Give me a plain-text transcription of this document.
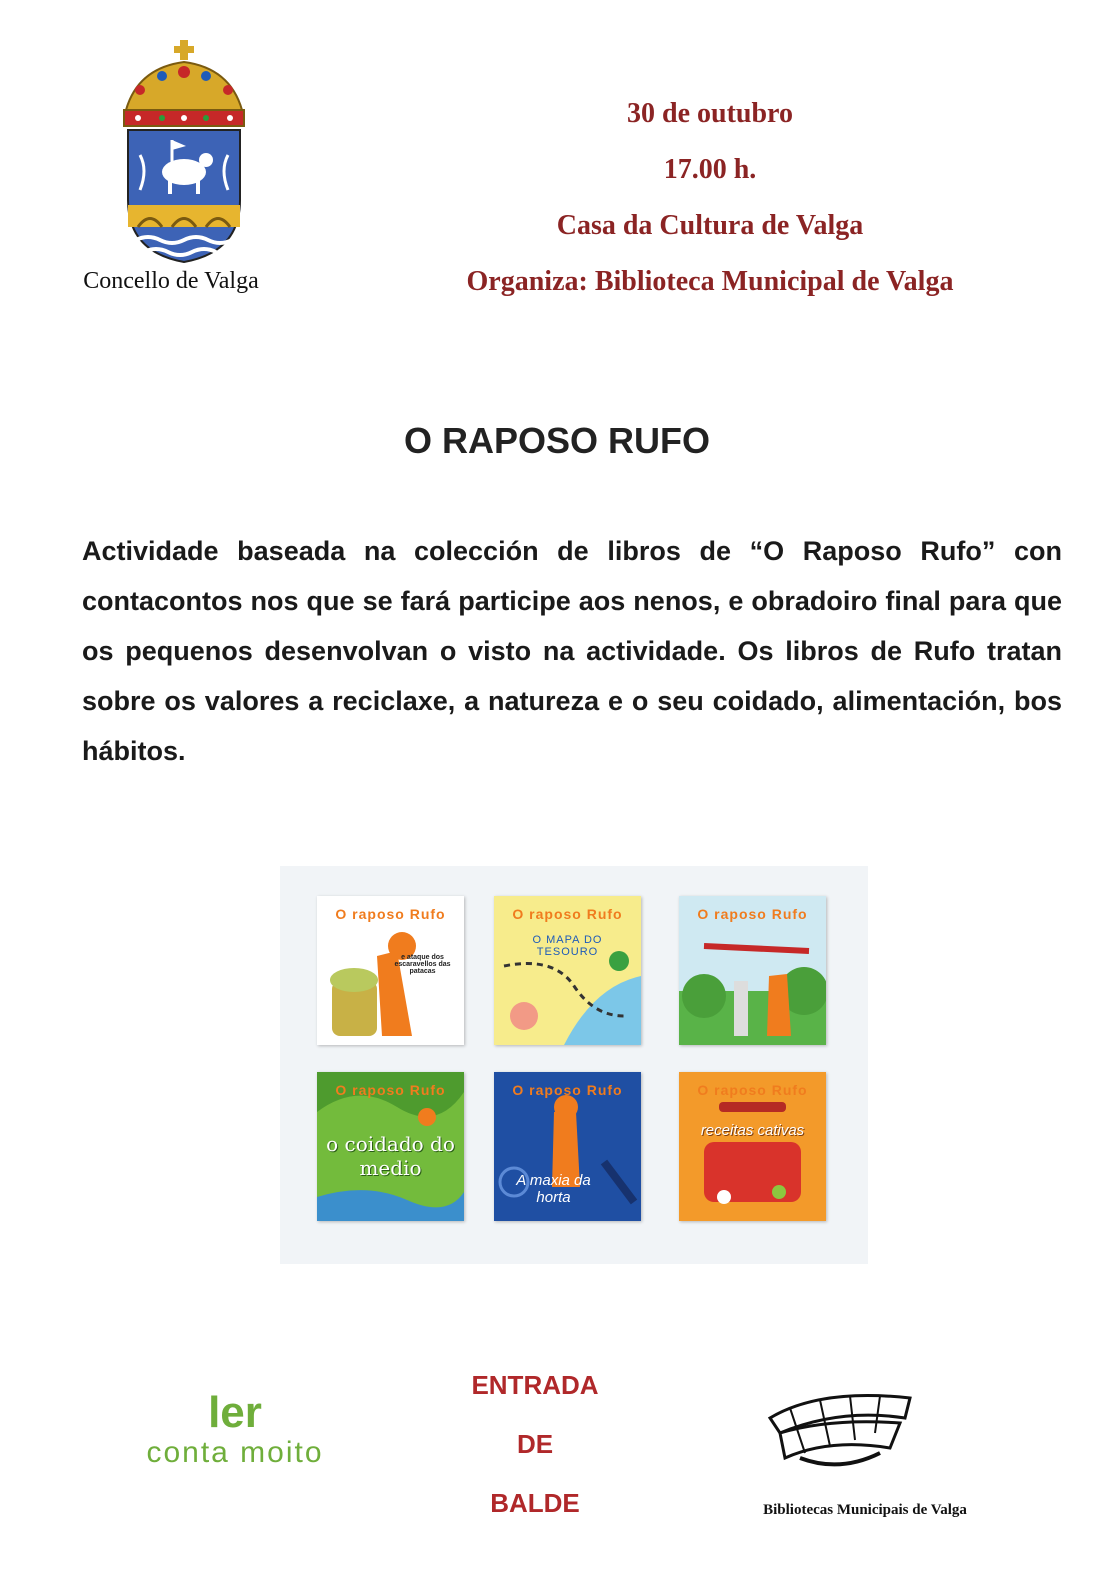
Concello de Valga
30 de outubro
17.00 h.
Casa da Cultura de Valga
Organiza: Biblioteca Municipal de Valga
O RAPOSO RUFO

Actividade baseada na colección de libros de “O Raposo Rufo” con contacontos nos que se fará participe aos nenos, e obradoiro final para que os pequenos desenvolvan o visto na actividade. Os libros de Rufo tratan sobre os valores a reciclaxe, a natureza e o seu coidado, alimentación, bos hábitos.

O raposo Rufo
e ataque dos escaravellos das patacas
O raposo Rufo
O MAPA DO TESOURO
O raposo Rufo
O raposo Rufo
o coidado do medio
O raposo Rufo
A maxia da horta
O raposo Rufo
receitas cativas
ler
conta moito
ENTRADA
DE
BALDE	Bibliotecas Municipais de Valga
